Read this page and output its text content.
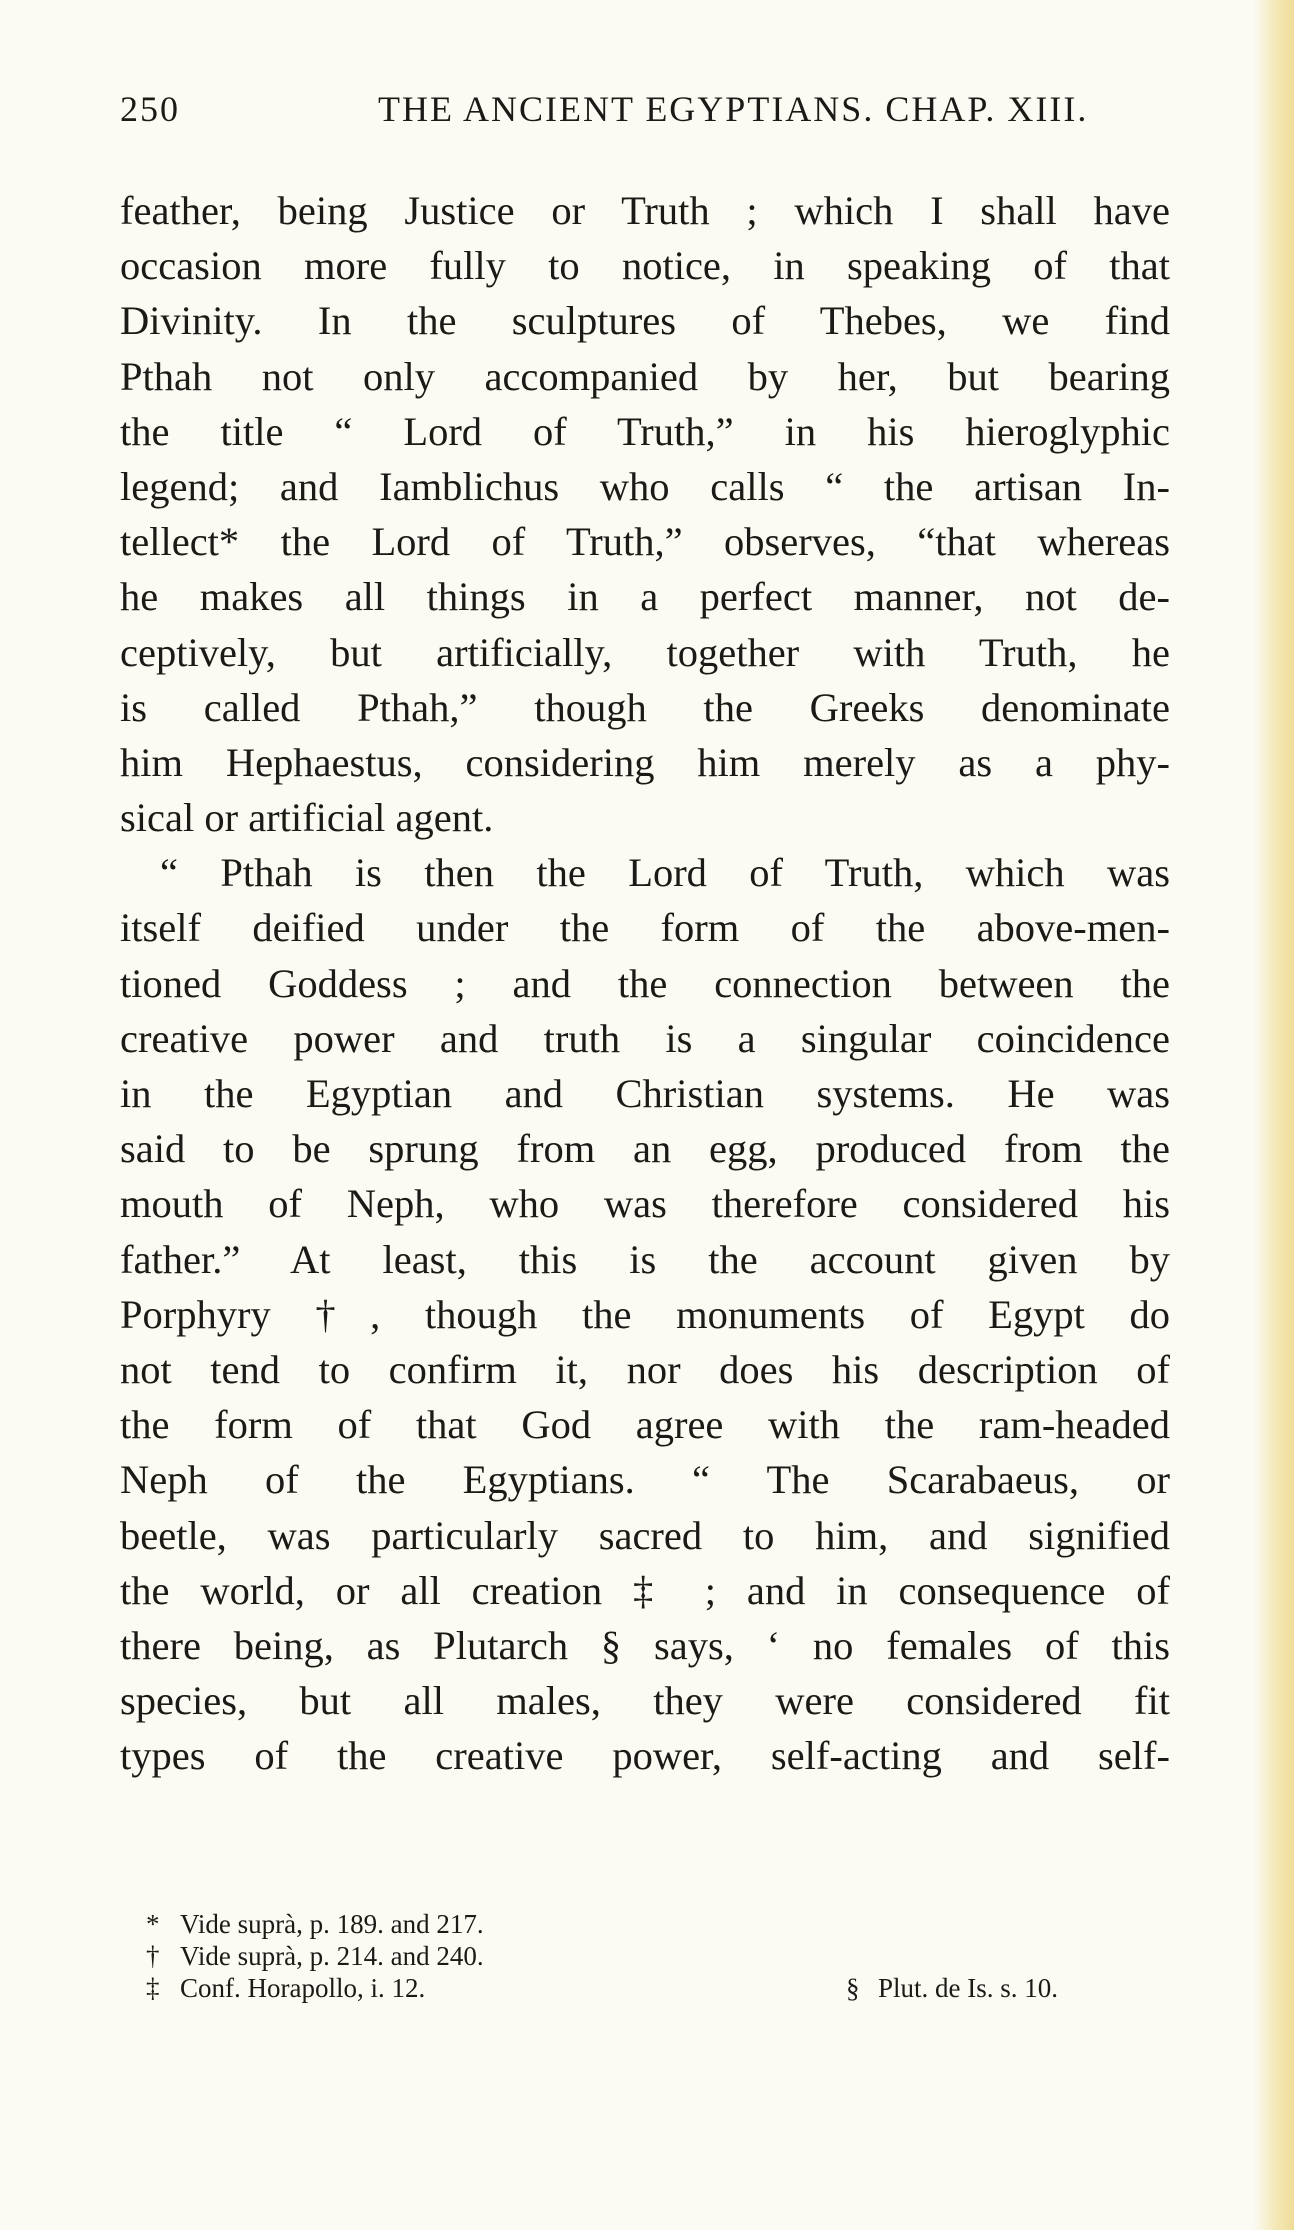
250	THE ANCIENT EGYPTIANS. CHAP. XIII.
feather, being Justice or Truth ; which I shall have
occasion more fully to notice, in speaking of that
Divinity. In the sculptures of Thebes, we find
Pthah not only accompanied by her, but bearing
the title “ Lord of Truth,” in his hieroglyphic
legend; and Iamblichus who calls “ the artisan In-
tellect* the Lord of Truth,” observes, “that whereas
he makes all things in a perfect manner, not de-
ceptively, but artificially, together with Truth, he
is called Pthah,” though the Greeks denominate
him Hephaestus, considering him merely as a phy-
sical or artificial agent.
“ Pthah is then the Lord of Truth, which was
itself deified under the form of the above-men-
tioned Goddess ; and the connection between the
creative power and truth is a singular coincidence
in the Egyptian and Christian systems. He was
said to be sprung from an egg, produced from the
mouth of Neph, who was therefore considered his
father.” At least, this is the account given by
Porphyry †, though the monuments of Egypt do
not tend to confirm it, nor does his description of
the form of that God agree with the ram-headed
Neph of the Egyptians. “ The Scarabaeus, or
beetle, was particularly sacred to him, and signified
the world, or all creation ‡ ; and in consequence of
there being, as Plutarch § says, ‘ no females of this
species, but all males, they were considered fit
types of the creative power, self-acting and self-
* Vide suprà, p. 189. and 217.
† Vide suprà, p. 214. and 240.
‡ Conf. Horapollo, i. 12.	§ Plut. de Is. s. 10.
